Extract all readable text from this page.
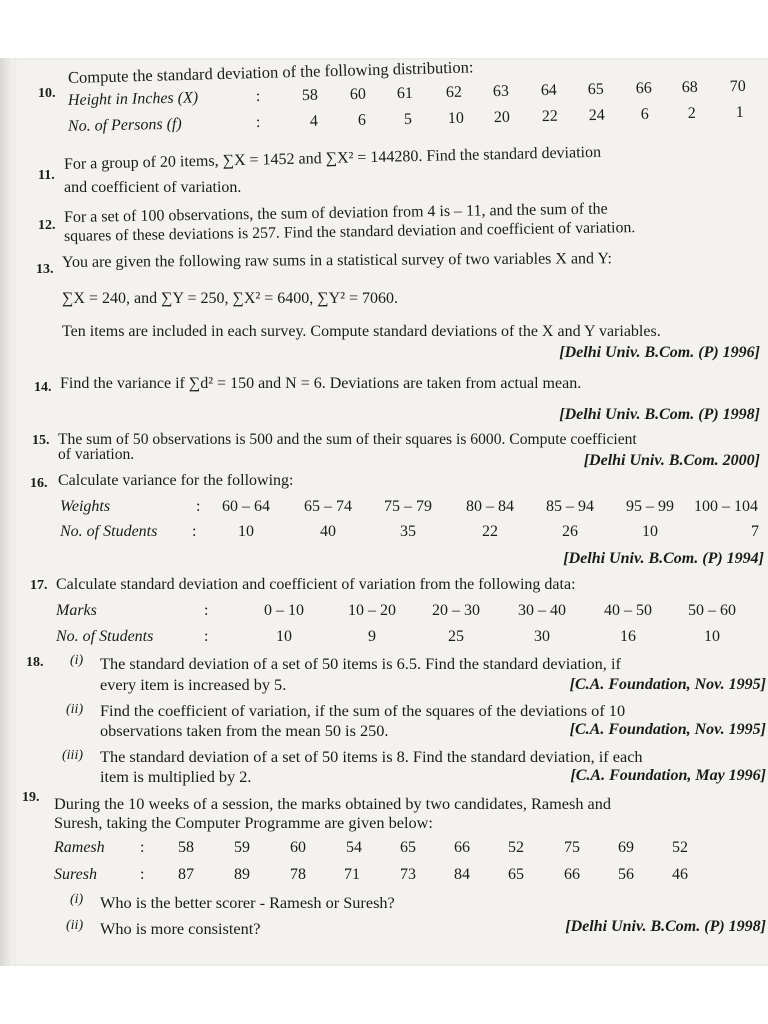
10.
Compute the standard deviation of the following distribution:
Height in Inches (X)	:	58 60 61 62 63 64 65 66 68 70
No. of Persons (f)	:	4 6 5 10 20 22 24 6 2 1
11.
For a group of 20 items, ∑X = 1452 and ∑X² = 144280. Find the standard deviation
and coefficient of variation.
12. For a set of 100 observations, the sum of deviation from 4 is – 11, and the sum of the
squares of these deviations is 257. Find the standard deviation and coefficient of variation.
13. You are given the following raw sums in a statistical survey of two variables X and Y:
∑X = 240, and ∑Y = 250, ∑X² = 6400, ∑Y² = 7060.
Ten items are included in each survey. Compute standard deviations of the X and Y variables.
[Delhi Univ. B.Com. (P) 1996]
14. Find the variance if ∑d² = 150 and N = 6. Deviations are taken from actual mean.
[Delhi Univ. B.Com. (P) 1998]
15. The sum of 50 observations is 500 and the sum of their squares is 6000. Compute coefficient
of variation.	[Delhi Univ. B.Com. 2000]
16. Calculate variance for the following:
Weights	: 60 – 64 65 – 74 75 – 79 80 – 84 85 – 94 95 – 99 100 – 104
No. of Students :	10	40	35	22	26	10	7
[Delhi Univ. B.Com. (P) 1994]
17. Calculate standard deviation and coefficient of variation from the following data:
Marks	:	0 – 10	10 – 20 20 – 30 30 – 40 40 – 50 50 – 60
No. of Students	:	10	9	25	30	16	10
18. (i) The standard deviation of a set of 50 items is 6.5. Find the standard deviation, if
every item is increased by 5.	[C.A. Foundation, Nov. 1995]
(ii) Find the coefficient of variation, if the sum of the squares of the deviations of 10
observations taken from the mean 50 is 250.	[C.A. Foundation, Nov. 1995]
(iii) The standard deviation of a set of 50 items is 8. Find the standard deviation, if each
item is multiplied by 2.	[C.A. Foundation, May 1996]
19. During the 10 weeks of a session, the marks obtained by two candidates, Ramesh and
Suresh, taking the Computer Programme are given below:
Ramesh : 58	59	60	54 65 66 52	75 69 52
Suresh	: 87	89	78 71	73 84 65	66 56 46
(i) Who is the better scorer - Ramesh or Suresh?
(ii) Who is more consistent?	[Delhi Univ. B.Com. (P) 1998]
